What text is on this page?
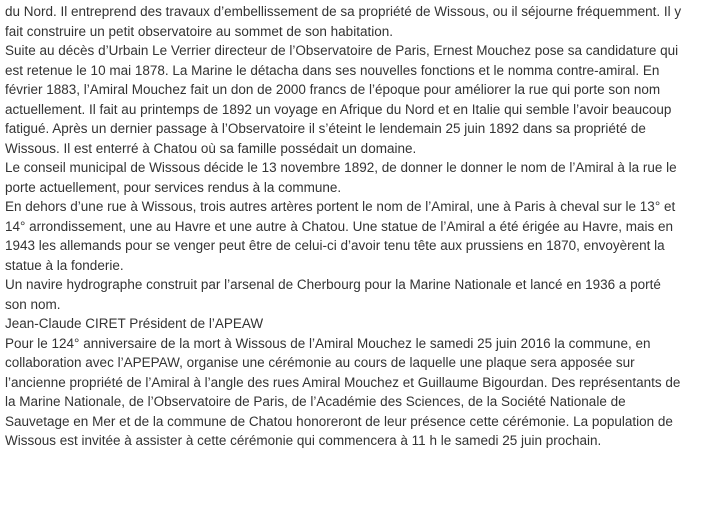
du Nord. Il entreprend des travaux d’embellissement de sa propriété de Wissous, ou il séjourne fréquemment. Il y
fait construire un petit observatoire au sommet de son habitation.
Suite au décès d’Urbain Le Verrier directeur de l’Observatoire de Paris, Ernest Mouchez pose sa candidature qui
est retenue le 10 mai 1878. La Marine le détacha dans ses nouvelles fonctions et le nomma contre-amiral. En
février 1883, l’Amiral Mouchez fait un don de 2000 francs de l’époque pour améliorer la rue qui porte son nom
actuellement. Il fait au printemps de 1892 un voyage en Afrique du Nord et en Italie qui semble l’avoir beaucoup
fatigué. Après un dernier passage à l’Observatoire il s’éteint le lendemain 25 juin 1892 dans sa propriété de
Wissous. Il est enterré à Chatou où sa famille possédait un domaine.
Le conseil municipal de Wissous décide le 13 novembre 1892, de donner le donner le nom de l’Amiral à la rue le
porte actuellement, pour services rendus à la commune.
En dehors d’une rue à Wissous, trois autres artères portent le nom de l’Amiral, une à Paris à cheval sur le 13° et
14° arrondissement, une au Havre et une autre à Chatou. Une statue de l’Amiral a été érigée au Havre, mais en
1943 les allemands pour se venger peut être de celui-ci d’avoir tenu tête aux prussiens en 1870, envoyèrent la
statue à la fonderie.
Un navire hydrographe construit par l’arsenal de Cherbourg pour la Marine Nationale et lancé en 1936 a porté
son nom.
Jean-Claude CIRET Président de l’APEAW
Pour le 124° anniversaire de la mort à Wissous de l’Amiral Mouchez le samedi 25 juin 2016 la commune, en
collaboration avec l’APEPAW, organise une cérémonie au cours de laquelle une plaque sera apposée sur
l’ancienne propriété de l’Amiral à l’angle des rues Amiral Mouchez et Guillaume Bigourdan. Des représentants de
la Marine Nationale, de l’Observatoire de Paris, de l’Académie des Sciences, de la Société Nationale de
Sauvetage en Mer et de la commune de Chatou honoreront de leur présence cette cérémonie. La population de
Wissous est invitée à assister à cette cérémonie qui commencera à 11 h le samedi 25 juin prochain.
